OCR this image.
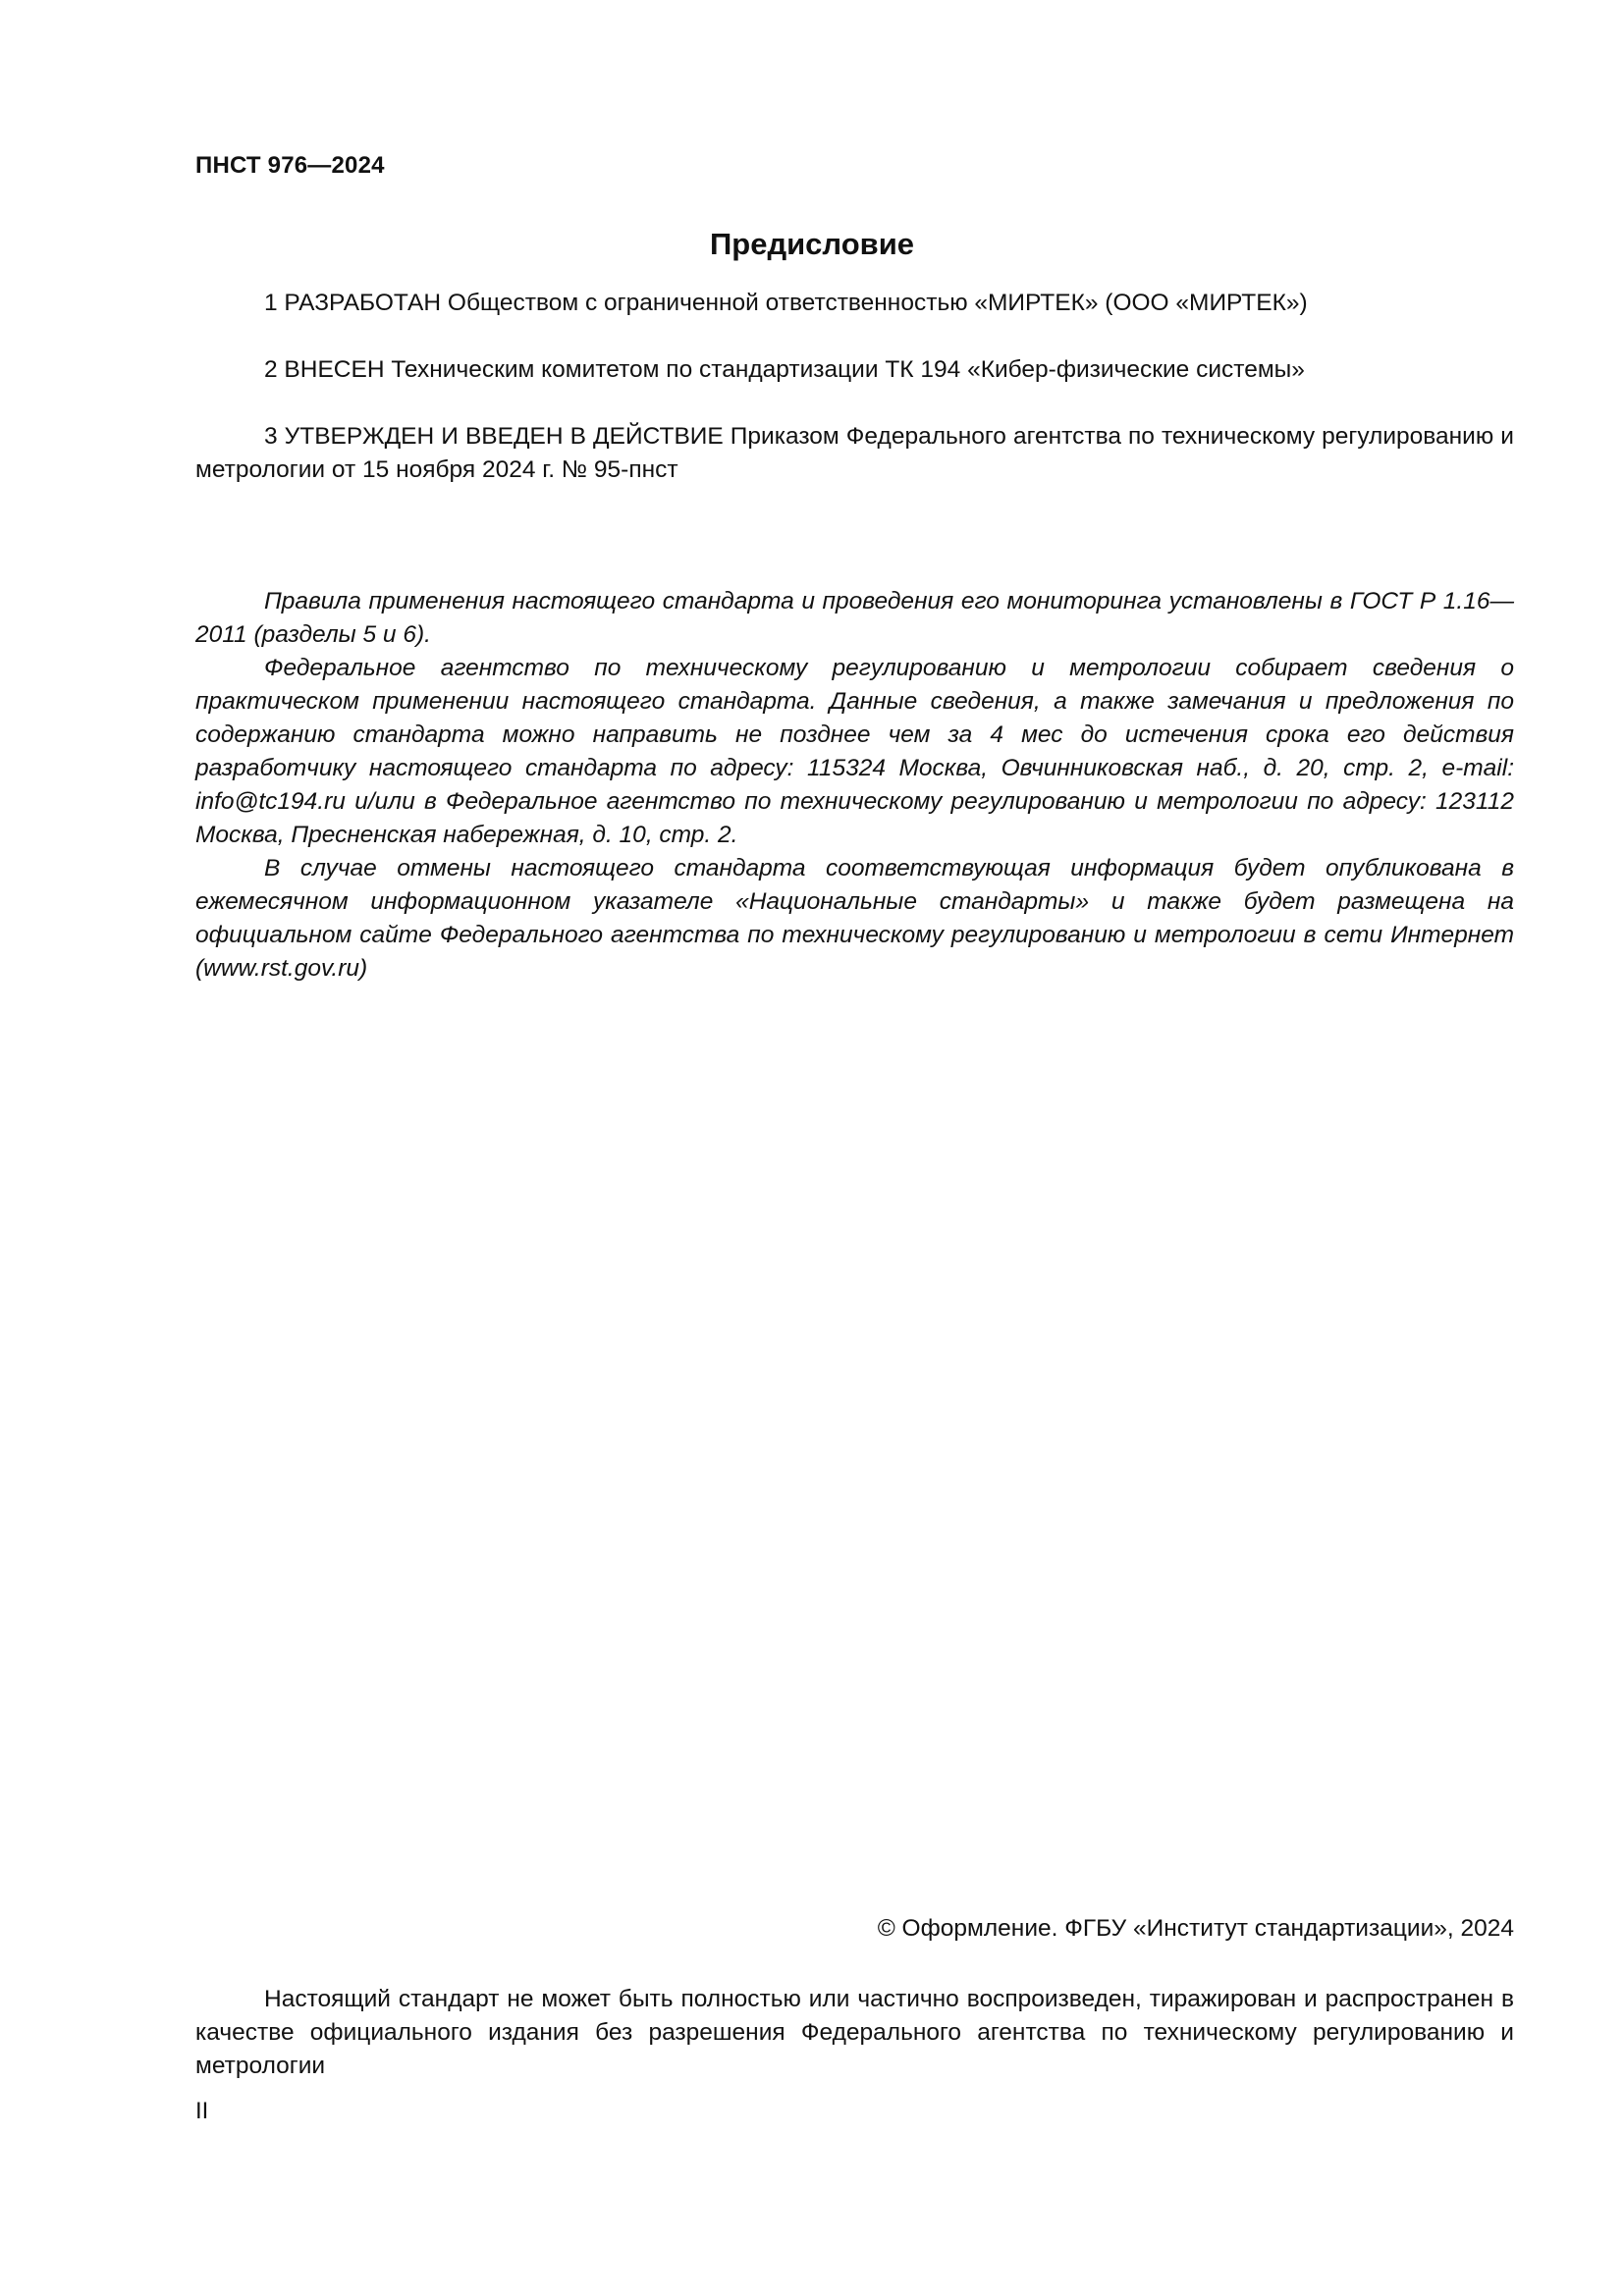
ПНСТ 976—2024
Предисловие

1 РАЗРАБОТАН Обществом с ограниченной ответственностью «МИРТЕК» (ООО «МИРТЕК»)

2 ВНЕСЕН Техническим комитетом по стандартизации ТК 194 «Кибер-физические системы»

3 УТВЕРЖДЕН И ВВЕДЕН В ДЕЙСТВИЕ Приказом Федерального агентства по техническому регулированию и метрологии от 15 ноября 2024 г. № 95-пнст

Правила применения настоящего стандарта и проведения его мониторинга установлены в ГОСТ Р 1.16—2011 (разделы 5 и 6).

Федеральное агентство по техническому регулированию и метрологии собирает сведения о практическом применении настоящего стандарта. Данные сведения, а также замечания и предложения по содержанию стандарта можно направить не позднее чем за 4 мес до истечения срока его действия разработчику настоящего стандарта по адресу: 115324 Москва, Овчинниковская наб., д. 20, стр. 2, e-mail: info@tc194.ru и/или в Федеральное агентство по техническому регулированию и метрологии по адресу: 123112 Москва, Пресненская набережная, д. 10, стр. 2.

В случае отмены настоящего стандарта соответствующая информация будет опубликована в ежемесячном информационном указателе «Национальные стандарты» и также будет размещена на официальном сайте Федерального агентства по техническому регулированию и метрологии в сети Интернет (www.rst.gov.ru)

© Оформление. ФГБУ «Институт стандартизации», 2024

Настоящий стандарт не может быть полностью или частично воспроизведен, тиражирован и распространен в качестве официального издания без разрешения Федерального агентства по техническому регулированию и метрологии

II
